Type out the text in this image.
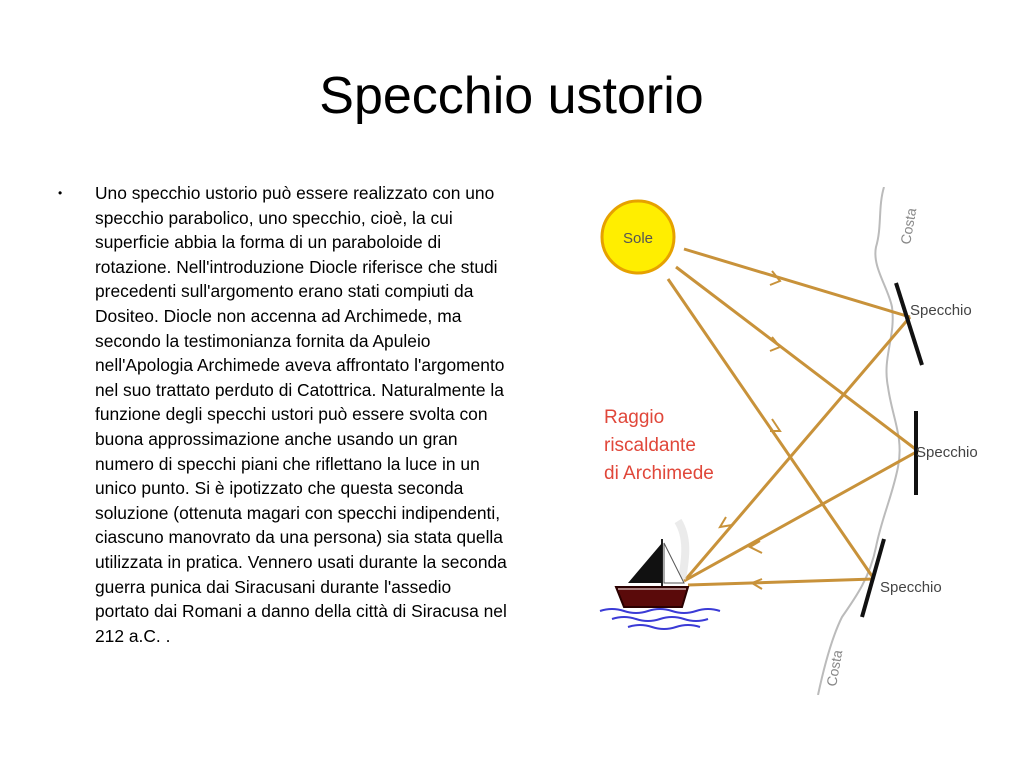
Specchio ustorio
•	Uno specchio ustorio può essere realizzato con uno specchio parabolico, uno specchio, cioè, la cui superficie abbia la forma di un paraboloide di rotazione. Nell'introduzione Diocle riferisce che studi precedenti sull'argomento erano stati compiuti da Dositeo. Diocle non accenna ad Archimede, ma secondo la testimonianza fornita da Apuleio nell'Apologia Archimede aveva affrontato l'argomento nel suo trattato perduto di Catottrica. Naturalmente la funzione degli specchi ustori può essere svolta con buona approssimazione anche usando un gran numero di specchi piani che riflettano la luce in un unico punto. Si è ipotizzato che questa seconda soluzione (ottenuta magari con specchi indipendenti, ciascuno manovrato da una persona) sia stata quella utilizzata in pratica. Vennero usati durante la seconda guerra punica dai Siracusani durante l'assedio portato dai Romani a danno della città di Siracusa nel 212 a.C. .

Sole	Costa
Costa
Specchio
Specchio
Specchio
Raggio
riscaldante
di Archimede
